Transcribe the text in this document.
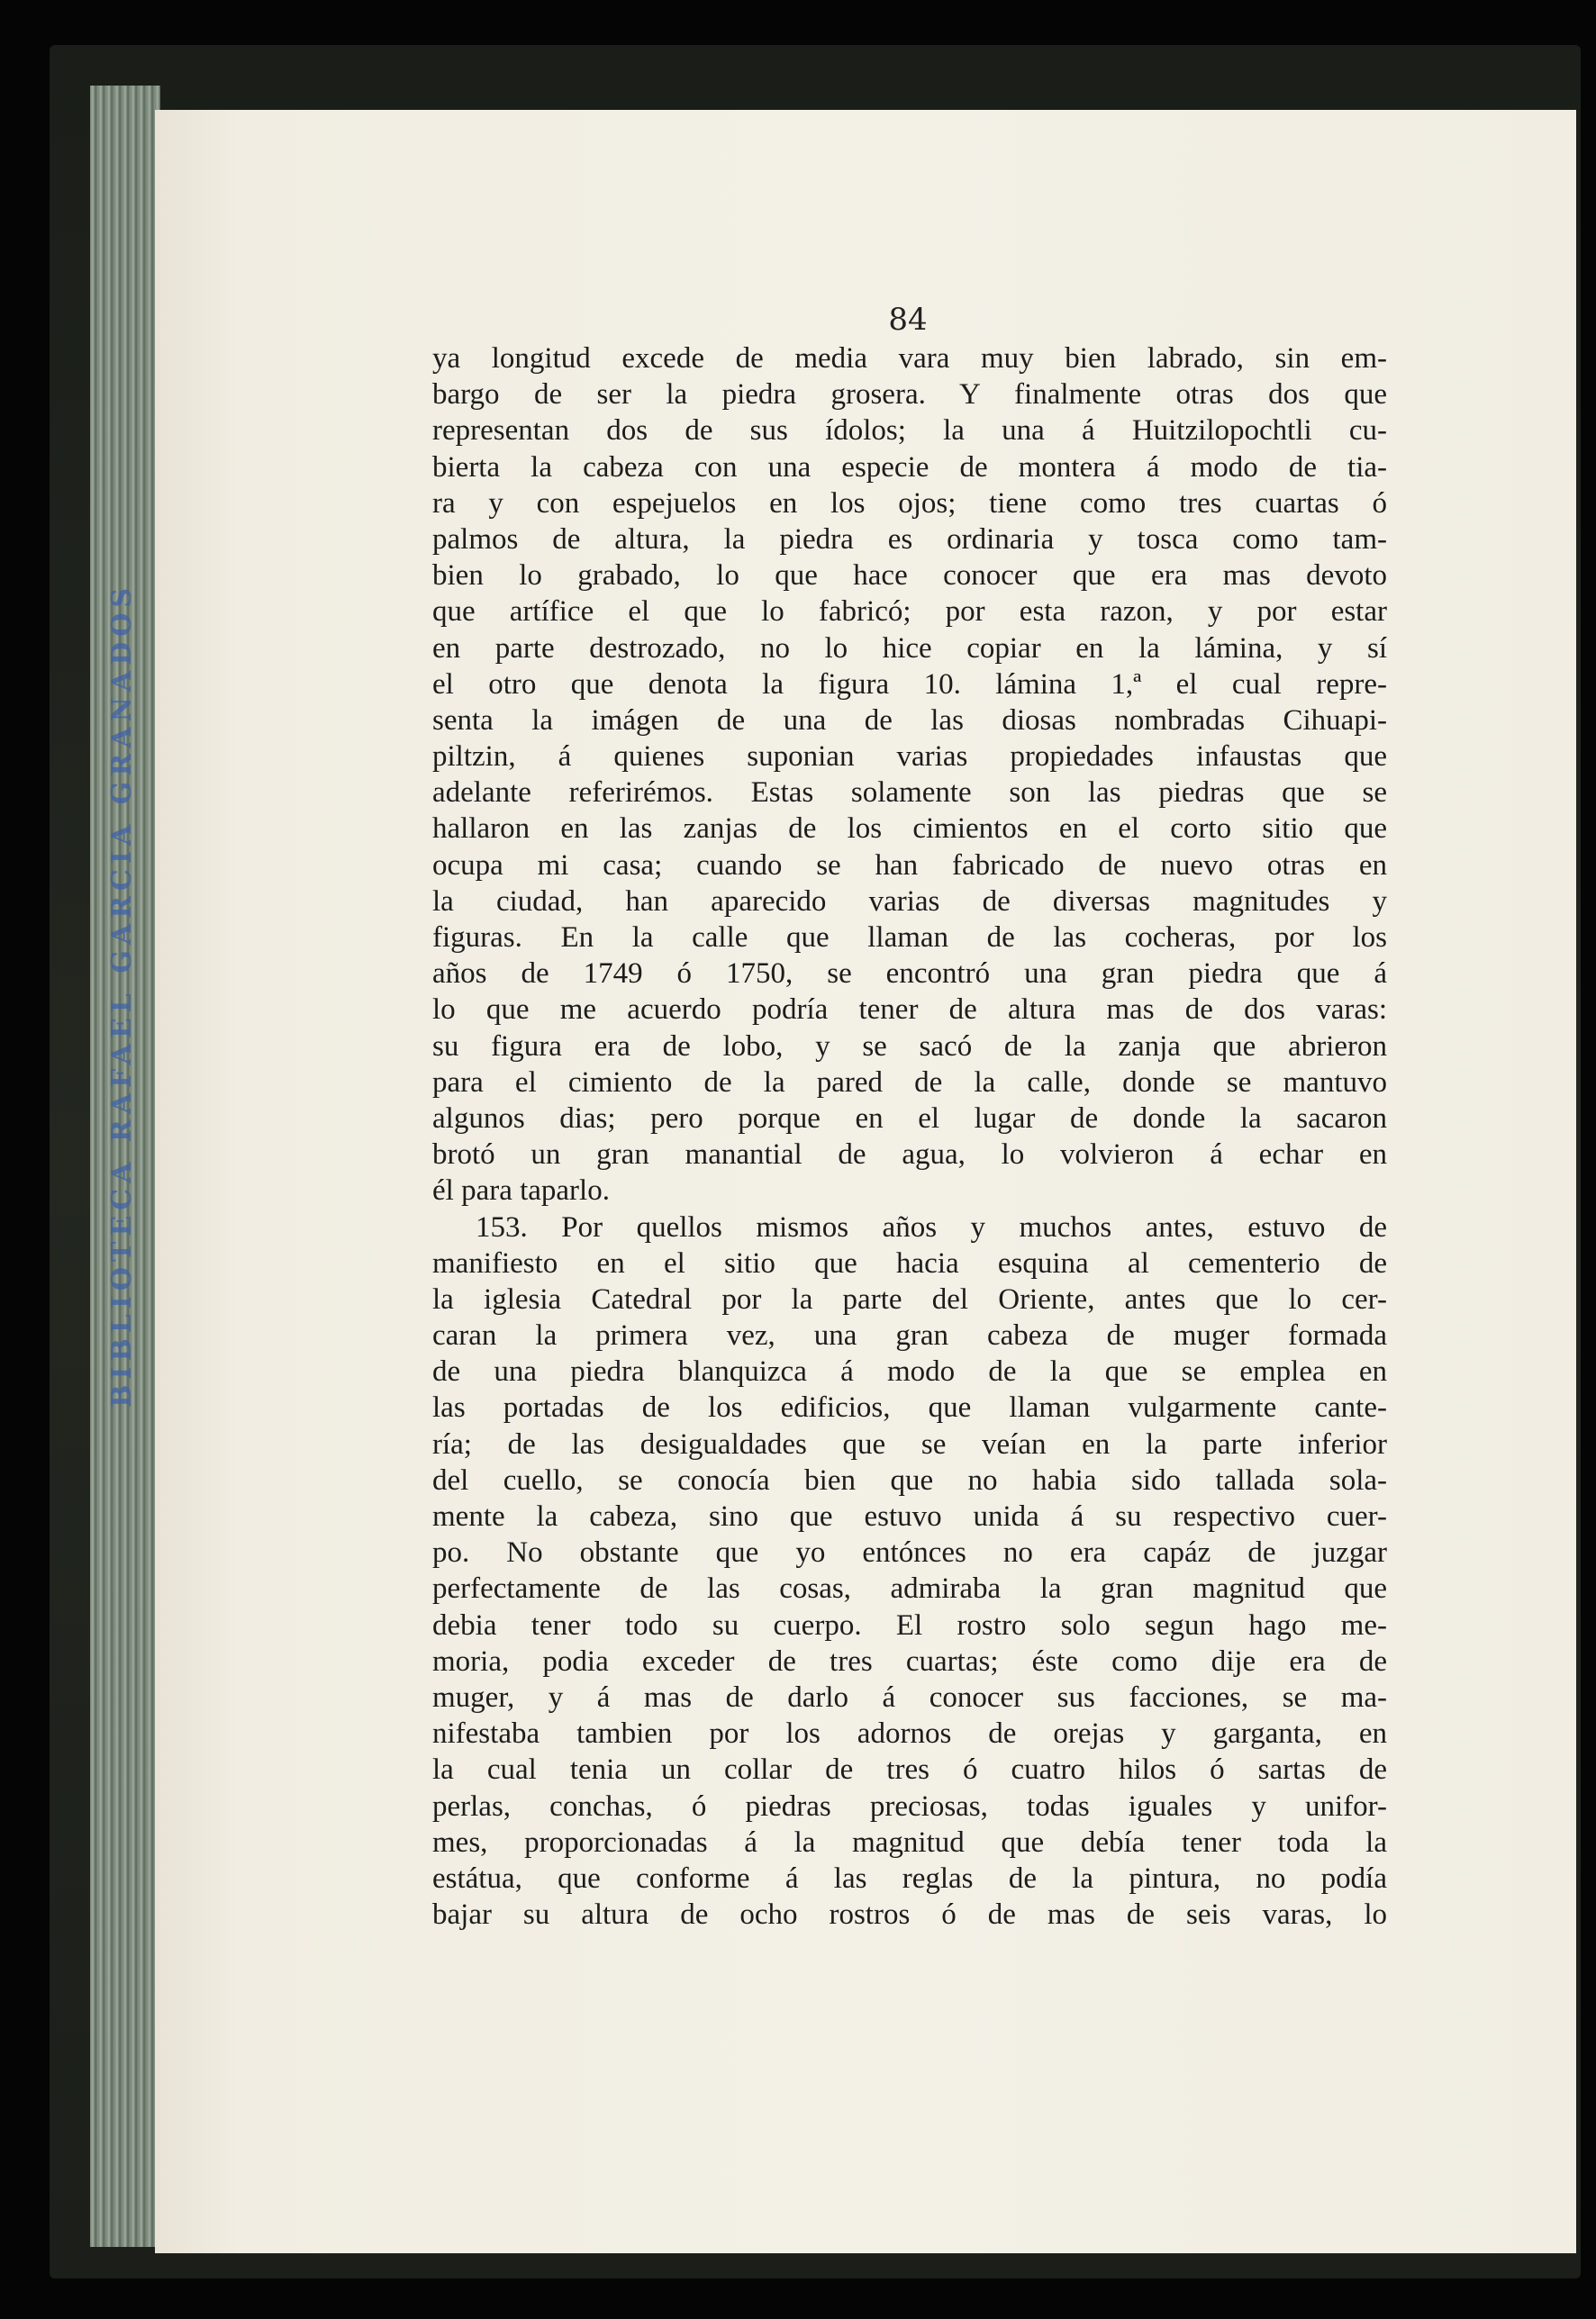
BIBLIOTECA RAFAEL GARCIA GRANADOS
84
ya longitud excede de media vara muy bien labrado, sin em-
bargo de ser la piedra grosera. Y finalmente otras dos que
representan dos de sus ídolos; la una á Huitzilopochtli cu-
bierta la cabeza con una especie de montera á modo de tia-
ra y con espejuelos en los ojos; tiene como tres cuartas ó
palmos de altura, la piedra es ordinaria y tosca como tam-
bien lo grabado, lo que hace conocer que era mas devoto
que artífice el que lo fabricó; por esta razon, y por estar
en parte destrozado, no lo hice copiar en la lámina, y sí
el otro que denota la figura 10. lámina 1,ª el cual repre-
senta la imágen de una de las diosas nombradas Cihuapi-
piltzin, á quienes suponian varias propiedades infaustas que
adelante referirémos. Estas solamente son las piedras que se
hallaron en las zanjas de los cimientos en el corto sitio que
ocupa mi casa; cuando se han fabricado de nuevo otras en
la ciudad, han aparecido varias de diversas magnitudes y
figuras. En la calle que llaman de las cocheras, por los
años de 1749 ó 1750, se encontró una gran piedra que á
lo que me acuerdo podría tener de altura mas de dos varas:
su figura era de lobo, y se sacó de la zanja que abrieron
para el cimiento de la pared de la calle, donde se mantuvo
algunos dias; pero porque en el lugar de donde la sacaron
brotó un gran manantial de agua, lo volvieron á echar en
él para taparlo.
153. Por quellos mismos años y muchos antes, estuvo de
manifiesto en el sitio que hacia esquina al cementerio de
la iglesia Catedral por la parte del Oriente, antes que lo cer-
caran la primera vez, una gran cabeza de muger formada
de una piedra blanquizca á modo de la que se emplea en
las portadas de los edificios, que llaman vulgarmente cante-
ría; de las desigualdades que se veían en la parte inferior
del cuello, se conocía bien que no habia sido tallada sola-
mente la cabeza, sino que estuvo unida á su respectivo cuer-
po. No obstante que yo entónces no era capáz de juzgar
perfectamente de las cosas, admiraba la gran magnitud que
debia tener todo su cuerpo. El rostro solo segun hago me-
moria, podia exceder de tres cuartas; éste como dije era de
muger, y á mas de darlo á conocer sus facciones, se ma-
nifestaba tambien por los adornos de orejas y garganta, en
la cual tenia un collar de tres ó cuatro hilos ó sartas de
perlas, conchas, ó piedras preciosas, todas iguales y unifor-
mes, proporcionadas á la magnitud que debía tener toda la
estátua, que conforme á las reglas de la pintura, no podía
bajar su altura de ocho rostros ó de mas de seis varas, lo
